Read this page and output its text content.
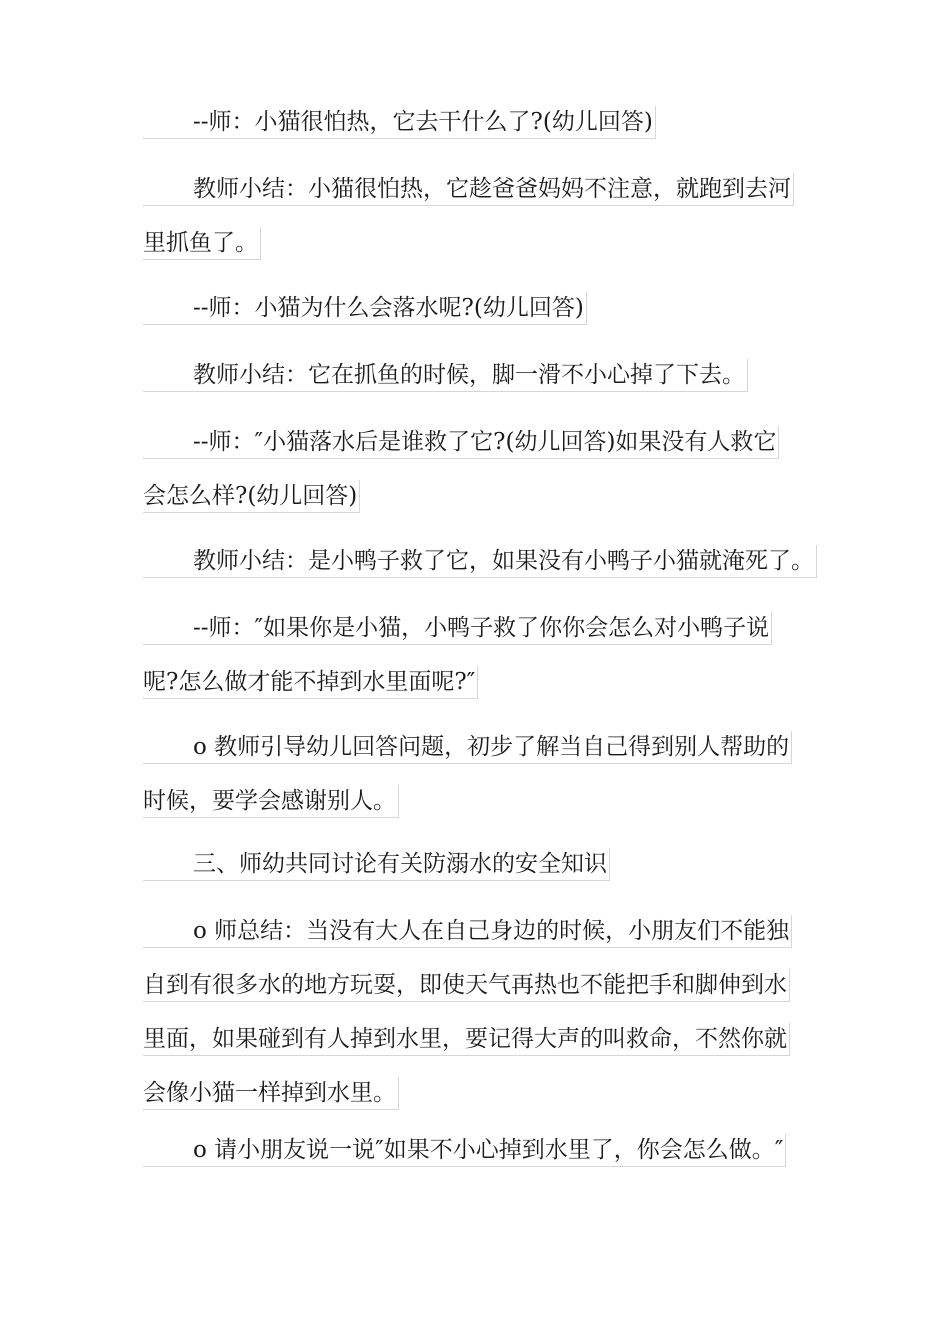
--师：小猫很怕热，它去干什么了?(幼儿回答)
教师小结：小猫很怕热，它趁爸爸妈妈不注意，就跑到去河
里抓鱼了。
--师：小猫为什么会落水呢?(幼儿回答)
教师小结：它在抓鱼的时候，脚一滑不小心掉了下去。
--师：″小猫落水后是谁救了它?(幼儿回答)如果没有人救它
会怎么样?(幼儿回答)
教师小结：是小鸭子救了它，如果没有小鸭子小猫就淹死了。
--师：″如果你是小猫，小鸭子救了你你会怎么对小鸭子说
呢?怎么做才能不掉到水里面呢?″
o 教师引导幼儿回答问题，初步了解当自己得到别人帮助的
时候，要学会感谢别人。
三、师幼共同讨论有关防溺水的安全知识
o 师总结：当没有大人在自己身边的时候，小朋友们不能独
自到有很多水的地方玩耍，即使天气再热也不能把手和脚伸到水
里面，如果碰到有人掉到水里，要记得大声的叫救命，不然你就
会像小猫一样掉到水里。
o 请小朋友说一说″如果不小心掉到水里了，你会怎么做。″
